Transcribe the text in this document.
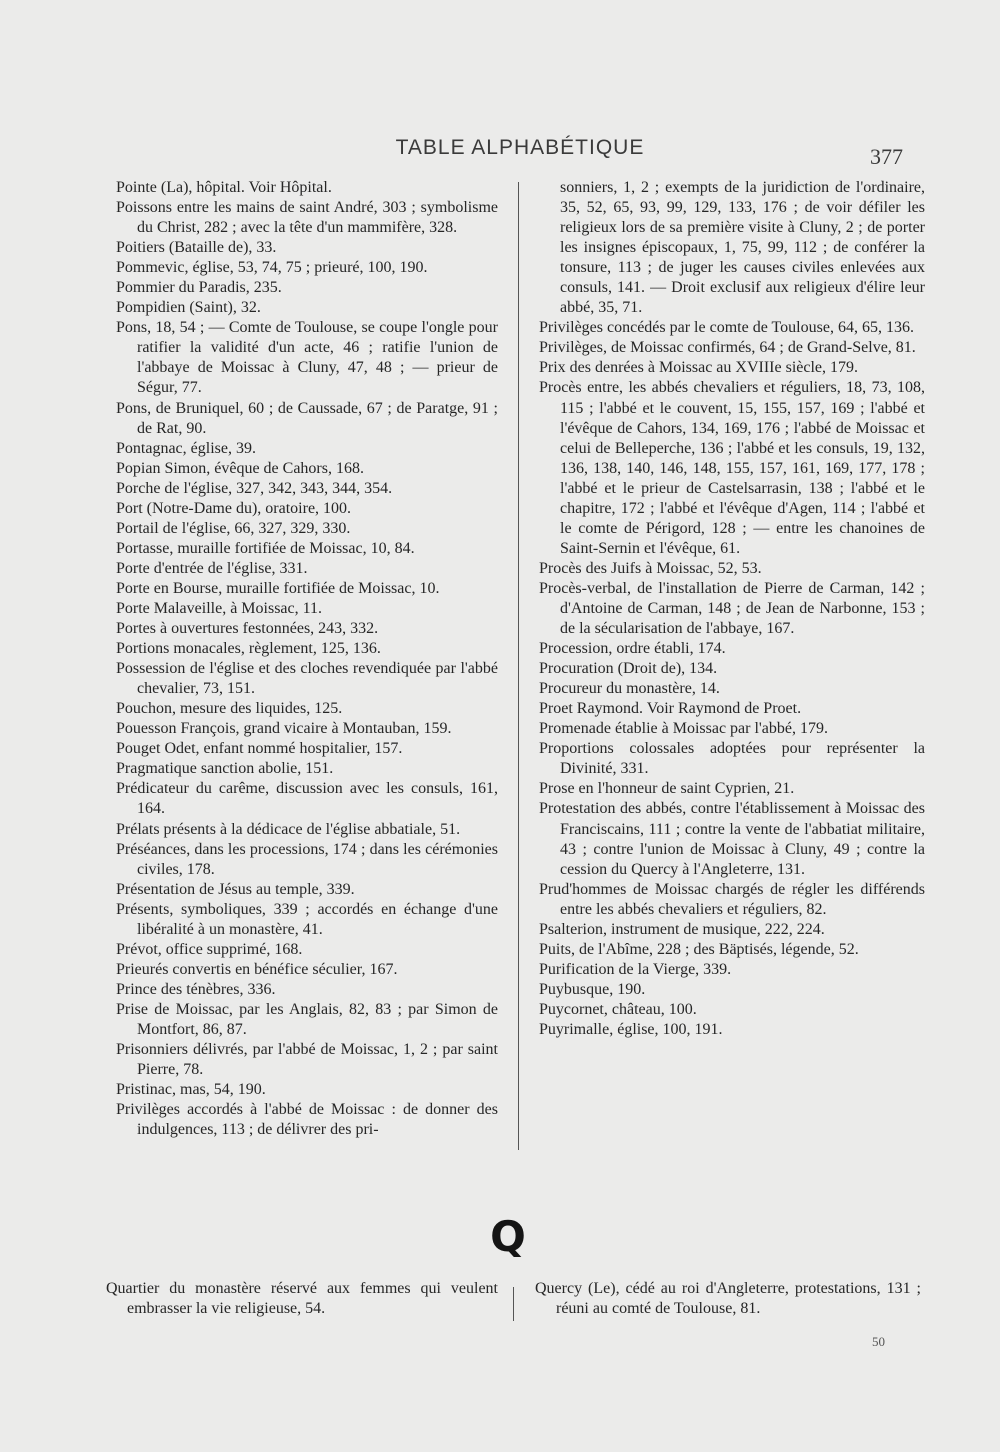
TABLE ALPHABÉTIQUE	377

Pointe (La), hôpital. Voir Hôpital.

Poissons entre les mains de saint André, 303 ; symbolisme du Christ, 282 ; avec la tête d'un mammifère, 328.

Poitiers (Bataille de), 33.

Pommevic, église, 53, 74, 75 ; prieuré, 100, 190.

Pommier du Paradis, 235.

Pompidien (Saint), 32.

Pons, 18, 54 ; — Comte de Toulouse, se coupe l'ongle pour ratifier la validité d'un acte, 46 ; ratifie l'union de l'abbaye de Moissac à Cluny, 47, 48 ; — prieur de Ségur, 77.

Pons, de Bruniquel, 60 ; de Caussade, 67 ; de Paratge, 91 ; de Rat, 90.

Pontagnac, église, 39.

Popian Simon, évêque de Cahors, 168.

Porche de l'église, 327, 342, 343, 344, 354.

Port (Notre-Dame du), oratoire, 100.

Portail de l'église, 66, 327, 329, 330.

Portasse, muraille fortifiée de Moissac, 10, 84.

Porte d'entrée de l'église, 331.

Porte en Bourse, muraille fortifiée de Moissac, 10.

Porte Malaveille, à Moissac, 11.

Portes à ouvertures festonnées, 243, 332.

Portions monacales, règlement, 125, 136.

Possession de l'église et des cloches revendiquée par l'abbé chevalier, 73, 151.

Pouchon, mesure des liquides, 125.

Pouesson François, grand vicaire à Montauban, 159.

Pouget Odet, enfant nommé hospitalier, 157.

Pragmatique sanction abolie, 151.

Prédicateur du carême, discussion avec les consuls, 161, 164.

Prélats présents à la dédicace de l'église abbatiale, 51.

Préséances, dans les processions, 174 ; dans les cérémonies civiles, 178.

Présentation de Jésus au temple, 339.

Présents, symboliques, 339 ; accordés en échange d'une libéralité à un monastère, 41.

Prévot, office supprimé, 168.

Prieurés convertis en bénéfice séculier, 167.

Prince des ténèbres, 336.

Prise de Moissac, par les Anglais, 82, 83 ; par Simon de Montfort, 86, 87.

Prisonniers délivrés, par l'abbé de Moissac, 1, 2 ; par saint Pierre, 78.

Pristinac, mas, 54, 190.

Privilèges accordés à l'abbé de Moissac : de donner des indulgences, 113 ; de délivrer des pri-

sonniers, 1, 2 ; exempts de la juridiction de l'ordinaire, 35, 52, 65, 93, 99, 129, 133, 176 ; de voir défiler les religieux lors de sa première visite à Cluny, 2 ; de porter les insignes épiscopaux, 1, 75, 99, 112 ; de conférer la tonsure, 113 ; de juger les causes civiles enlevées aux consuls, 141. — Droit exclusif aux religieux d'élire leur abbé, 35, 71.

Privilèges concédés par le comte de Toulouse, 64, 65, 136.

Privilèges, de Moissac confirmés, 64 ; de Grand-Selve, 81.

Prix des denrées à Moissac au XVIIIe siècle, 179.

Procès entre, les abbés chevaliers et réguliers, 18, 73, 108, 115 ; l'abbé et le couvent, 15, 155, 157, 169 ; l'abbé et l'évêque de Cahors, 134, 169, 176 ; l'abbé de Moissac et celui de Belleperche, 136 ; l'abbé et les consuls, 19, 132, 136, 138, 140, 146, 148, 155, 157, 161, 169, 177, 178 ; l'abbé et le prieur de Castelsarrasin, 138 ; l'abbé et le chapitre, 172 ; l'abbé et l'évêque d'Agen, 114 ; l'abbé et le comte de Périgord, 128 ; — entre les chanoines de Saint-Sernin et l'évêque, 61.

Procès des Juifs à Moissac, 52, 53.

Procès-verbal, de l'installation de Pierre de Carman, 142 ; d'Antoine de Carman, 148 ; de Jean de Narbonne, 153 ; de la sécularisation de l'abbaye, 167.

Procession, ordre établi, 174.

Procuration (Droit de), 134.

Procureur du monastère, 14.

Proet Raymond. Voir Raymond de Proet.

Promenade établie à Moissac par l'abbé, 179.

Proportions colossales adoptées pour représenter la Divinité, 331.

Prose en l'honneur de saint Cyprien, 21.

Protestation des abbés, contre l'établissement à Moissac des Franciscains, 111 ; contre la vente de l'abbatiat militaire, 43 ; contre l'union de Moissac à Cluny, 49 ; contre la cession du Quercy à l'Angleterre, 131.

Prud'hommes de Moissac chargés de régler les différends entre les abbés chevaliers et réguliers, 82.

Psalterion, instrument de musique, 222, 224.

Puits, de l'Abîme, 228 ; des Bäptisés, légende, 52.

Purification de la Vierge, 339.

Puybusque, 190.

Puycornet, château, 100.

Puyrimalle, église, 100, 191.

Q

Quartier du monastère réservé aux femmes qui veulent embrasser la vie religieuse, 54.

Quercy (Le), cédé au roi d'Angleterre, protestations, 131 ; réuni au comté de Toulouse, 81.

50
